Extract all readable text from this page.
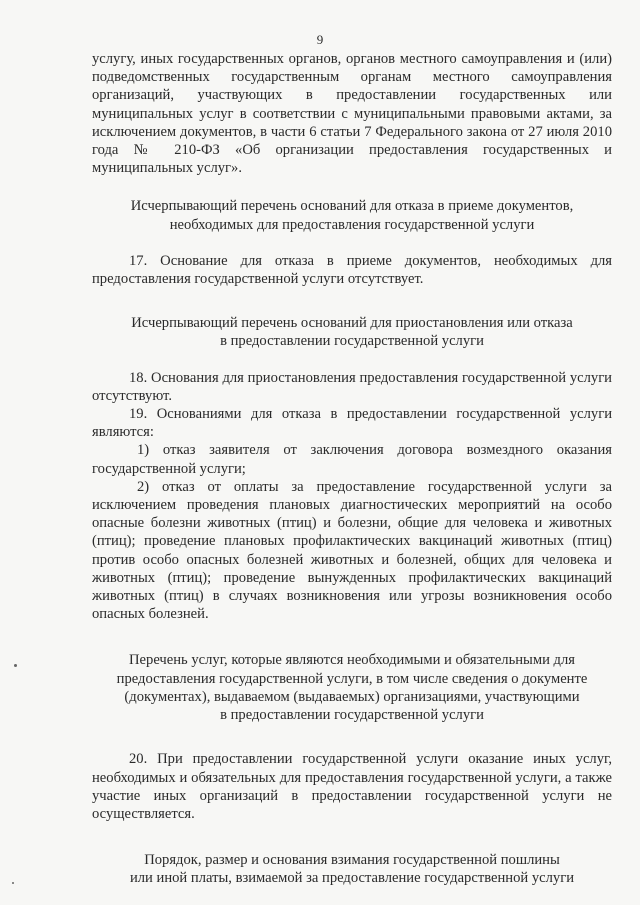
9

услугу, иных государственных органов, органов местного самоуправления и (или) подведомственных государственным органам местного самоуправления организаций, участвующих в предоставлении государственных или муниципальных услуг в соответствии с муниципальными правовыми актами, за исключением документов, в части 6 статьи 7 Федерального закона от 27 июля 2010 года № 210-ФЗ «Об организации предоставления государственных и муниципальных услуг».

Исчерпывающий перечень оснований для отказа в приеме документов,

необходимых для предоставления государственной услуги

17. Основание для отказа в приеме документов, необходимых для предоставления государственной услуги отсутствует.

Исчерпывающий перечень оснований для приостановления или отказа

в предоставлении государственной услуги

18. Основания для приостановления предоставления государственной услуги отсутствуют.

19. Основаниями для отказа в предоставлении государственной услуги являются:

1) отказ заявителя от заключения договора возмездного оказания государственной услуги;

2) отказ от оплаты за предоставление государственной услуги за исключением проведения плановых диагностических мероприятий на особо опасные болезни животных (птиц) и болезни, общие для человека и животных (птиц); проведение плановых профилактических вакцинаций животных (птиц) против особо опасных болезней животных и болезней, общих для человека и животных (птиц); проведение вынужденных профилактических вакцинаций животных (птиц) в случаях возникновения или угрозы возникновения особо опасных болезней.

Перечень услуг, которые являются необходимыми и обязательными для

предоставления государственной услуги, в том числе сведения о документе

(документах), выдаваемом (выдаваемых) организациями, участвующими

в предоставлении государственной услуги

20. При предоставлении государственной услуги оказание иных услуг, необходимых и обязательных для предоставления государственной услуги, а также участие иных организаций в предоставлении государственной услуги не осуществляется.

Порядок, размер и основания взимания государственной пошлины

или иной платы, взимаемой за предоставление государственной услуги
